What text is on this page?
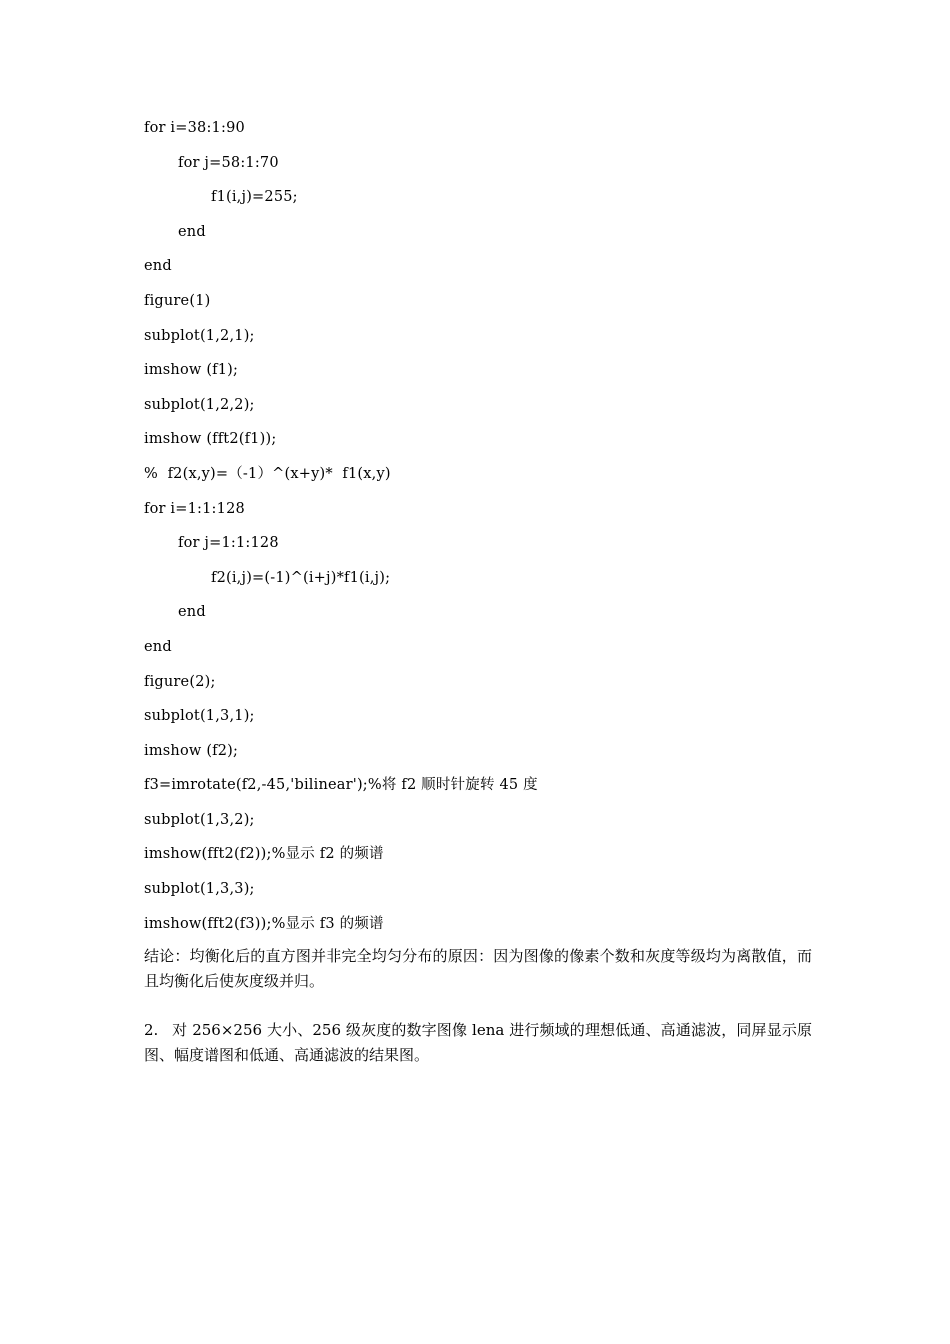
for i=38:1:90
for j=58:1:70
f1(i,j)=255;
end
end
figure(1)
subplot(1,2,1);
imshow (f1);
subplot(1,2,2);
imshow (fft2(f1));
%  f2(x,y)=（-1）^(x+y)*  f1(x,y)
for i=1:1:128
for j=1:1:128
f2(i,j)=(-1)^(i+j)*f1(i,j);
end
end
figure(2);
subplot(1,3,1);
imshow (f2);
f3=imrotate(f2,-45,'bilinear');%将 f2 顺时针旋转 45 度
subplot(1,3,2);
imshow(fft2(f2));%显示 f2 的频谱
subplot(1,3,3);
imshow(fft2(f3));%显示 f3 的频谱
结论：均衡化后的直方图并非完全均匀分布的原因：因为图像的像素个数和灰度等级均为离散值，而且均衡化后使灰度级并归。
2. 对 256×256 大小、256 级灰度的数字图像 lena 进行频域的理想低通、高通滤波，同屏显示原图、幅度谱图和低通、高通滤波的结果图。
